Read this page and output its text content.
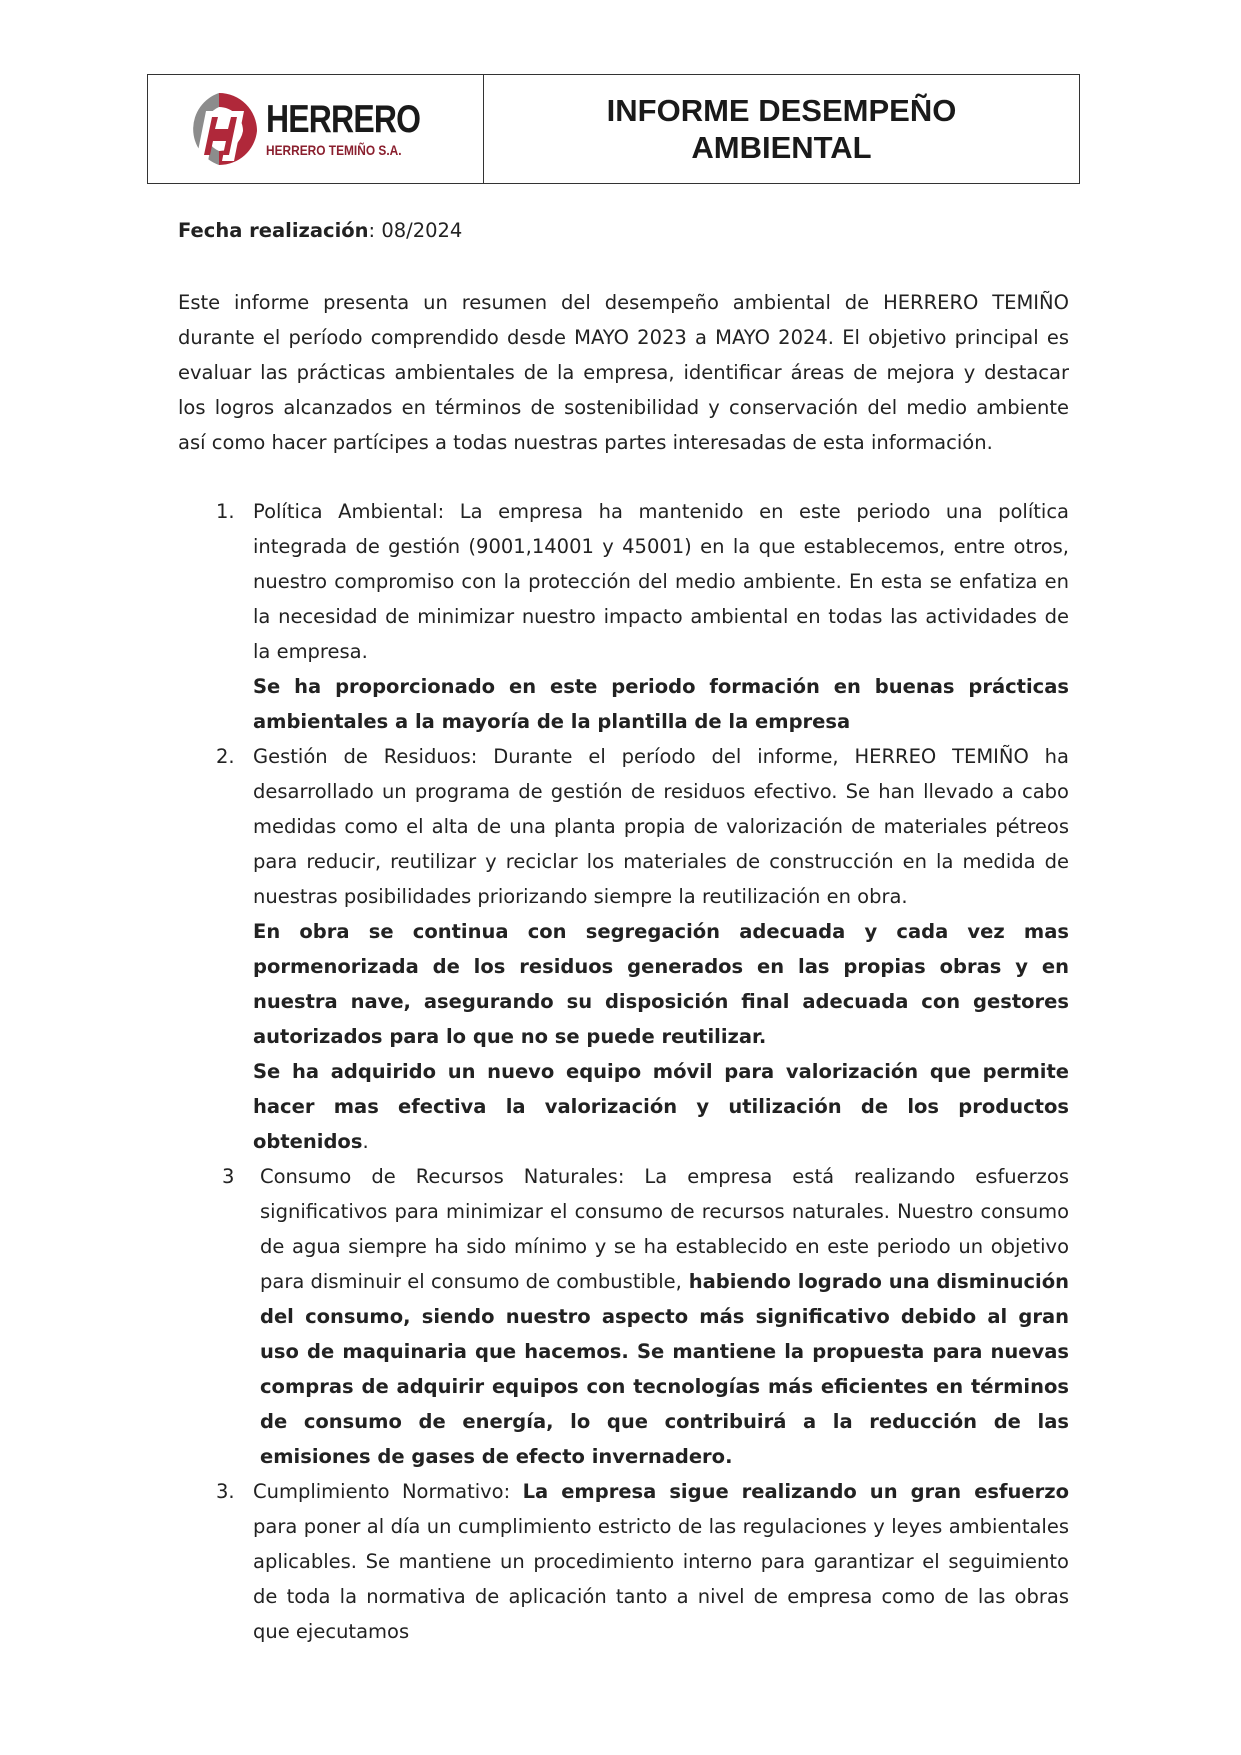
HERRERO
HERRERO TEMIÑO S.A.
INFORME DESEMPEÑO
AMBIENTAL
Fecha realización: 08/2024

Este informe presenta un resumen del desempeño ambiental de HERRERO TEMIÑO durante el período comprendido desde MAYO 2023 a MAYO 2024. El objetivo principal es evaluar las prácticas ambientales de la empresa, identificar áreas de mejora y destacar los logros alcanzados en términos de sostenibilidad y conservación del medio ambiente así como hacer partícipes a todas nuestras partes interesadas de esta información.

1. Política Ambiental: La empresa ha mantenido en este periodo una política integrada de gestión (9001,14001 y 45001) en la que establecemos, entre otros, nuestro compromiso con la protección del medio ambiente. En esta se enfatiza en la necesidad de minimizar nuestro impacto ambiental en todas las actividades de la empresa.

Se ha proporcionado en este periodo formación en buenas prácticas ambientales a la mayoría de la plantilla de la empresa

2. Gestión de Residuos: Durante el período del informe, HERREO TEMIÑO ha desarrollado un programa de gestión de residuos efectivo. Se han llevado a cabo medidas como el alta de una planta propia de valorización de materiales pétreos para reducir, reutilizar y reciclar los materiales de construcción en la medida de nuestras posibilidades priorizando siempre la reutilización en obra.

En obra se continua con segregación adecuada y cada vez mas pormenorizada de los residuos generados en las propias obras y en nuestra nave, asegurando su disposición final adecuada con gestores autorizados para lo que no se puede reutilizar.

Se ha adquirido un nuevo equipo móvil para valorización que permite hacer mas efectiva la valorización y utilización de los productos obtenidos.

3 Consumo de Recursos Naturales: La empresa está realizando esfuerzos significativos para minimizar el consumo de recursos naturales. Nuestro consumo de agua siempre ha sido mínimo y se ha establecido en este periodo un objetivo para disminuir el consumo de combustible, habiendo logrado una disminución del consumo, siendo nuestro aspecto más significativo debido al gran uso de maquinaria que hacemos. Se mantiene la propuesta para nuevas compras de adquirir equipos con tecnologías más eficientes en términos de consumo de energía, lo que contribuirá a la reducción de las emisiones de gases de efecto invernadero.

3. Cumplimiento Normativo: La empresa sigue realizando un gran esfuerzo para poner al día un cumplimiento estricto de las regulaciones y leyes ambientales aplicables. Se mantiene un procedimiento interno para garantizar el seguimiento de toda la normativa de aplicación tanto a nivel de empresa como de las obras que ejecutamos
